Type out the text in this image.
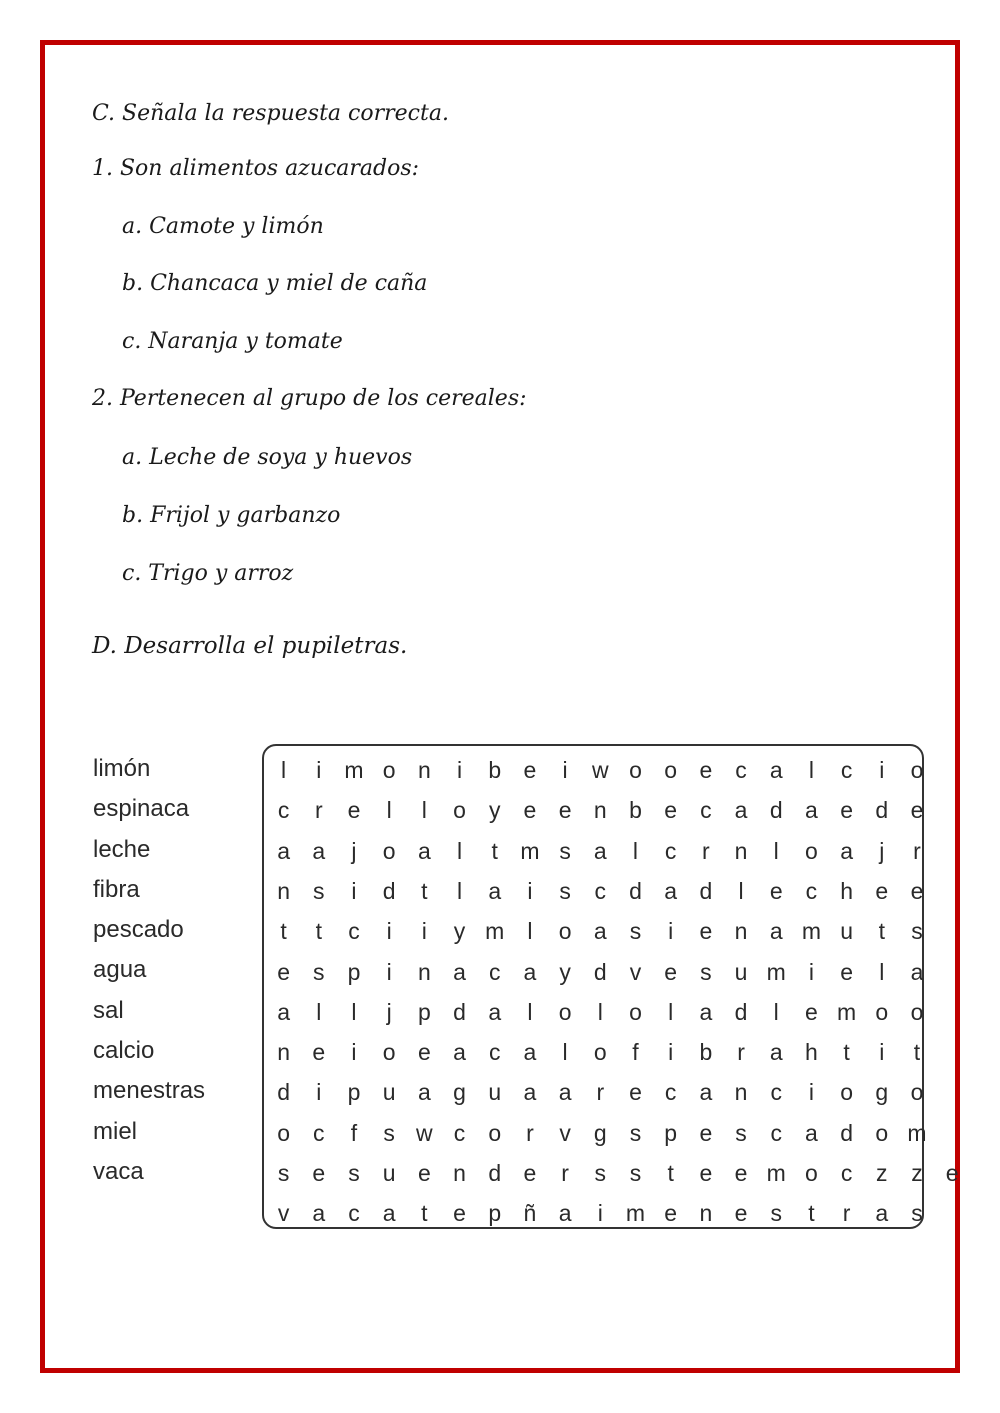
C. Señala la respuesta correcta.
1. Son alimentos azucarados:
a. Camote y limón
b. Chancaca y miel de caña
c. Naranja y tomate
2. Pertenecen al grupo de los cereales:
a. Leche de soya y huevos
b. Frijol y garbanzo
c. Trigo y arroz
D. Desarrolla el pupiletras.
limón
espinaca
leche
fibra
pescado
agua
sal
calcio
menestras
miel
vaca
l	i	m o n	i	b e	i	w o o e	c	a	l	c	i	o
c	r	e	l	l	o	y	e e n b e	c	a d a e d e
a a	j	o a	l	t m s	a	l	c	r	n	l	o a	j	r
n	s	i	d	t	l	a	i	s	c	d a d	l	e	c	h e e
t	t	c	i	i	y m	l	o a	s	i	e n a m u	t	s
e	s	p	i	n a	c	a	y	d	v	e	s	u m	i	e	l	a
a	l	l	j	p d a	l	o	l	o	l	a d	l	e m o o
n e	i	o e a	c	a	l	o	f	i	b	r	a h	t	i	t
d	i	p u a g u a a	r	e	c	a n	c	i	o g o
o	c	f	s w c	o	r	v	g	s	p e	s	c	a d o m
s	e	s	u e n d e	r	s	s	t	e e m o	c	z	z	e
v	a	c	a	t	e p ñ a	i	m e n e	s	t	r	a	s
